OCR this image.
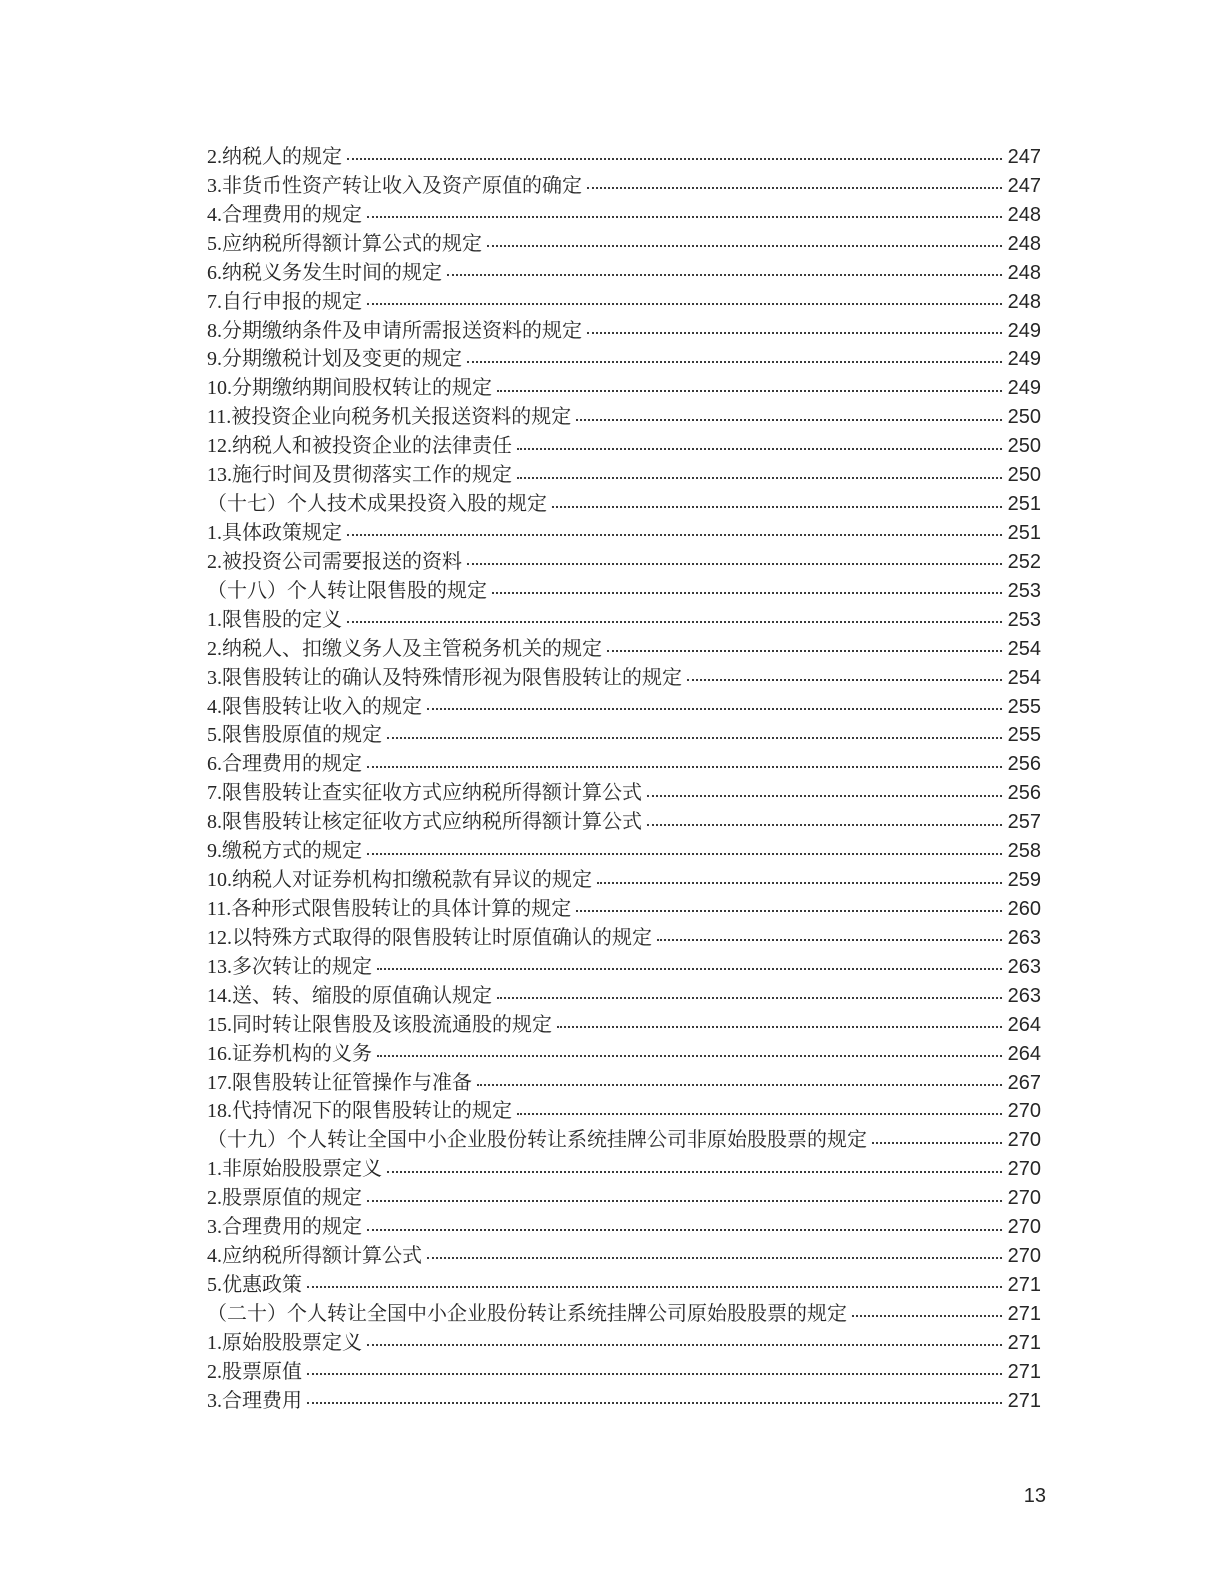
2.纳税人的规定	247
3.非货币性资产转让收入及资产原值的确定	247
4.合理费用的规定	248
5.应纳税所得额计算公式的规定	248
6.纳税义务发生时间的规定	248
7.自行申报的规定	248
8.分期缴纳条件及申请所需报送资料的规定	249
9.分期缴税计划及变更的规定	249
10.分期缴纳期间股权转让的规定	249
11.被投资企业向税务机关报送资料的规定	250
12.纳税人和被投资企业的法律责任	250
13.施行时间及贯彻落实工作的规定	250
（十七）个人技术成果投资入股的规定	251
1.具体政策规定	251
2.被投资公司需要报送的资料	252
（十八）个人转让限售股的规定	253
1.限售股的定义	253
2.纳税人、扣缴义务人及主管税务机关的规定	254
3.限售股转让的确认及特殊情形视为限售股转让的规定	254
4.限售股转让收入的规定	255
5.限售股原值的规定	255
6.合理费用的规定	256
7.限售股转让查实征收方式应纳税所得额计算公式	256
8.限售股转让核定征收方式应纳税所得额计算公式	257
9.缴税方式的规定	258
10.纳税人对证券机构扣缴税款有异议的规定	259
11.各种形式限售股转让的具体计算的规定	260
12.以特殊方式取得的限售股转让时原值确认的规定	263
13.多次转让的规定	263
14.送、转、缩股的原值确认规定	263
15.同时转让限售股及该股流通股的规定	264
16.证券机构的义务	264
17.限售股转让征管操作与准备	267
18.代持情况下的限售股转让的规定	270
（十九）个人转让全国中小企业股份转让系统挂牌公司非原始股股票的规定	270
1.非原始股股票定义	270
2.股票原值的规定	270
3.合理费用的规定	270
4.应纳税所得额计算公式	270
5.优惠政策	271
（二十）个人转让全国中小企业股份转让系统挂牌公司原始股股票的规定	271
1.原始股股票定义	271
2.股票原值	271
3.合理费用	271
13
